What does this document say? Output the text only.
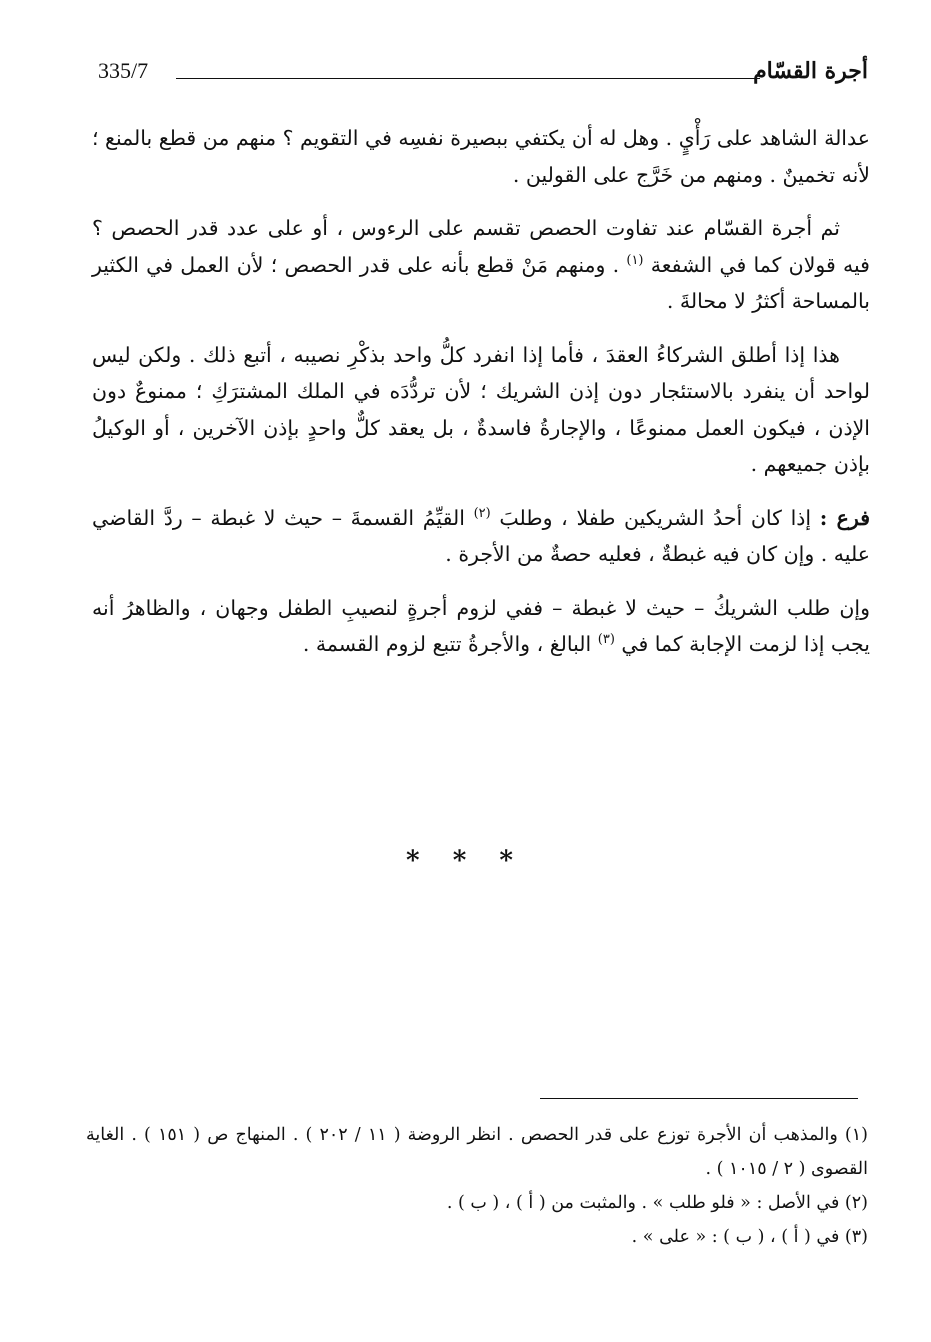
335/7	أجرة القسّام

عدالة الشاهد على رَأْيٍ . وهل له أن يكتفي ببصيرة نفسِه في التقويم ؟ منهم من قطع بالمنع ؛ لأنه تخمينٌ . ومنهم من خَرَّج على القولين .

ثم أجرة القسّام عند تفاوت الحصص تقسم على الرءوس ، أو على عدد قدر الحصص ؟ فيه قولان كما في الشفعة $^{(١)}$ . ومنهم مَنْ قطع بأنه على قدر الحصص ؛ لأن العمل في الكثير بالمساحة أكثرُ لا محالةَ .

هذا إذا أطلق الشركاءُ العقدَ ، فأما إذا انفرد كلُّ واحد بذكْرِ نصيبه ، أتبع ذلك . ولكن ليس لواحد أن ينفرد بالاستئجار دون إذن الشريك ؛ لأن تردُّدَه في الملك المشترَكِ ؛ ممنوعٌ دون الإذن ، فيكون العمل ممنوعًا ، والإجارةُ فاسدةٌ ، بل يعقد كلٌّ واحدٍ بإذن الآخرين ، أو الوكيلُ بإذن جميعهم .

فرع : إذا كان أحدُ الشريكين طفلا ، وطلبَ $^{(٢)}$ القيِّمُ القسمةَ – حيث لا غبطة – ردَّ القاضي عليه . وإن كان فيه غبطةٌ ، فعليه حصةٌ من الأجرة .

وإن طلب الشريكُ – حيث لا غبطة – ففي لزوم أجرةٍ لنصيبِ الطفل وجهان ، والظاهرُ أنه يجب إذا لزمت الإجابة كما في $^{(٣)}$ البالغ ، والأجرةُ تتبع لزوم القسمة .

* * *

(١) والمذهب أن الأجرة توزع على قدر الحصص . انظر الروضة ( ١١ / ٢٠٢ ) . المنهاج ص ( ١٥١ ) . الغاية القصوى ( ٢ / ١٠١٥ ) .

(٢) في الأصل : « فلو طلب » . والمثبت من ( أ ) ، ( ب ) .

(٣) في ( أ ) ، ( ب ) : « على » .
